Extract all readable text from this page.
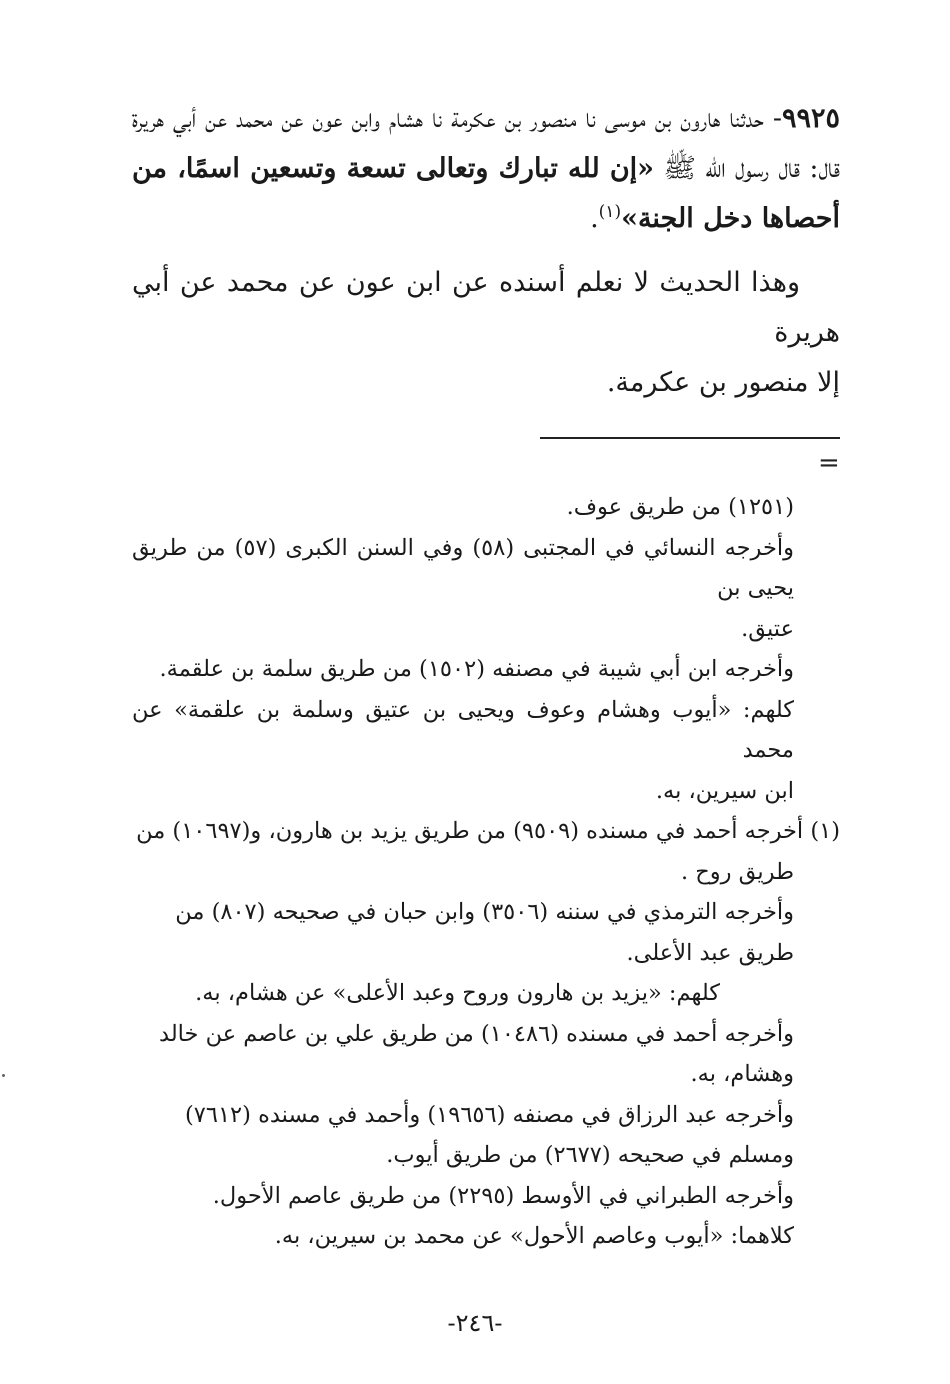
٩٩٢٥- حدثنا هارون بن موسى نا منصور بن عكرمة نا هشام وابن عون عن محمد عن أبي هريرة قال: قال رسول الله ﷺ «إن لله تبارك وتعالى تسعة وتسعين اسمًا، من أحصاها دخل الجنة»$^{(١)}$.

وهذا الحديث لا نعلم أسنده عن ابن عون عن محمد عن أبي هريرة

إلا منصور بن عكرمة.

=

(١٢٥١) من طريق عوف.

وأخرجه النسائي في المجتبى (٥٨) وفي السنن الكبرى (٥٧) من طريق يحيى بن

عتيق.

وأخرجه ابن أبي شيبة في مصنفه (١٥٠٢) من طريق سلمة بن علقمة.

كلهم: «أيوب وهشام وعوف ويحيى بن عتيق وسلمة بن علقمة» عن محمد

ابن سيرين، به.

(١) أخرجه أحمد في مسنده (٩٥٠٩) من طريق يزيد بن هارون، و(١٠٦٩٧) من

طريق روح .

وأخرجه الترمذي في سننه (٣٥٠٦) وابن حبان في صحيحه (٨٠٧) من

طريق عبد الأعلى.

كلهم: «يزيد بن هارون وروح وعبد الأعلى» عن هشام، به.

وأخرجه أحمد في مسنده (١٠٤٨٦) من طريق علي بن عاصم عن خالد

وهشام، به.

وأخرجه عبد الرزاق في مصنفه (١٩٦٥٦) وأحمد في مسنده (٧٦١٢)

ومسلم في صحيحه (٢٦٧٧) من طريق أيوب.

وأخرجه الطبراني في الأوسط (٢٢٩٥) من طريق عاصم الأحول.

كلاهما: «أيوب وعاصم الأحول» عن محمد بن سيرين، به.

-٢٤٦-
